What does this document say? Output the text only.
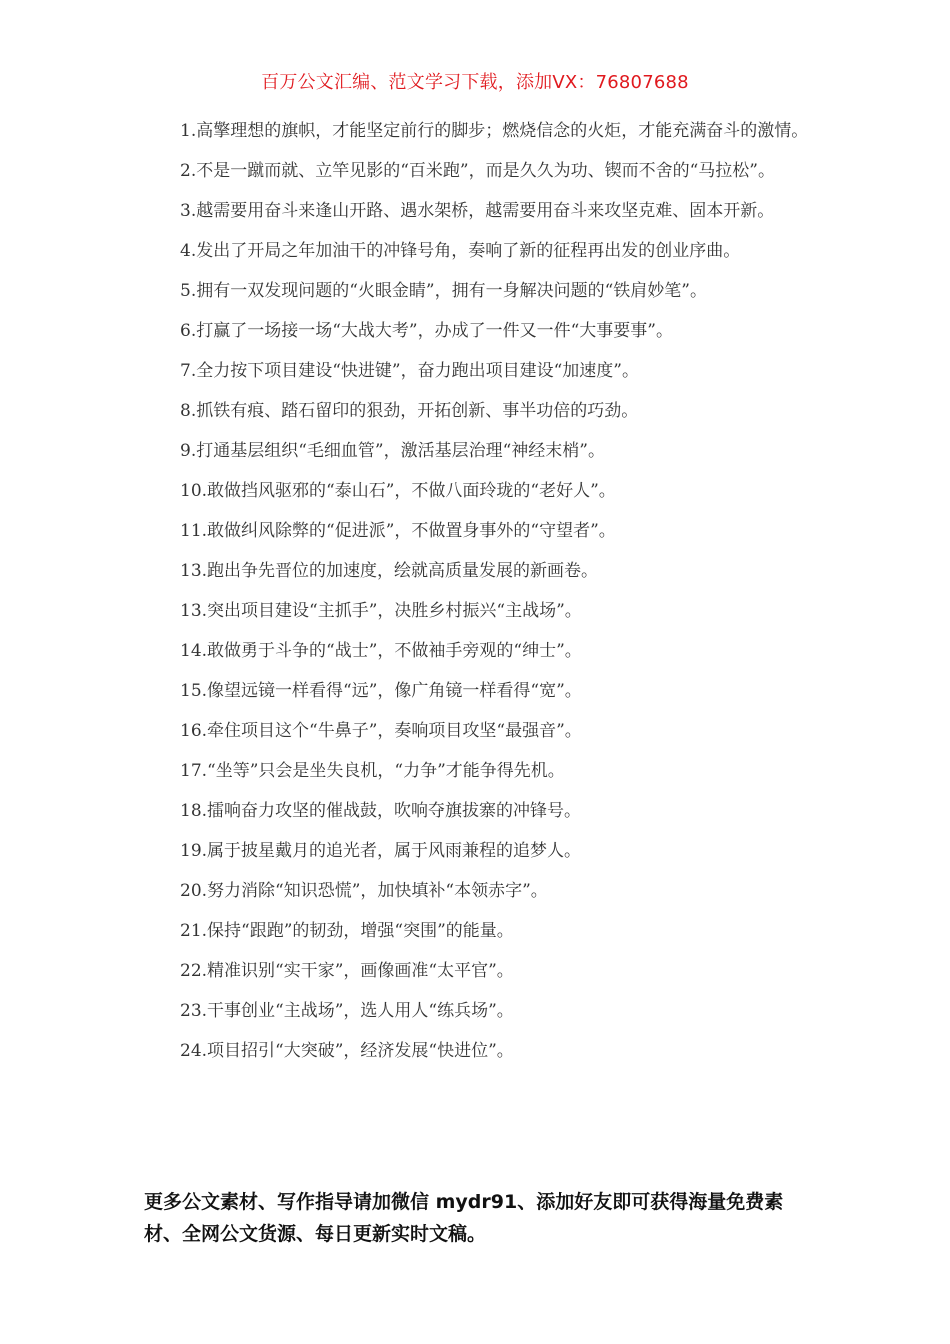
百万公文汇编、范文学习下载，添加VX：76807688
1.高擎理想的旗帜，才能坚定前行的脚步；燃烧信念的火炬，才能充满奋斗的激情。
2.不是一蹴而就、立竿见影的“百米跑”，而是久久为功、锲而不舍的“马拉松”。
3.越需要用奋斗来逢山开路、遇水架桥，越需要用奋斗来攻坚克难、固本开新。
4.发出了开局之年加油干的冲锋号角，奏响了新的征程再出发的创业序曲。
5.拥有一双发现问题的“火眼金睛”，拥有一身解决问题的“铁肩妙笔”。
6.打赢了一场接一场“大战大考”，办成了一件又一件“大事要事”。
7.全力按下项目建设“快进键”，奋力跑出项目建设“加速度”。
8.抓铁有痕、踏石留印的狠劲，开拓创新、事半功倍的巧劲。
9.打通基层组织“毛细血管”，激活基层治理“神经末梢”。
10.敢做挡风驱邪的“泰山石”，不做八面玲珑的“老好人”。
11.敢做纠风除弊的“促进派”，不做置身事外的“守望者”。
13.跑出争先晋位的加速度，绘就高质量发展的新画卷。
13.突出项目建设“主抓手”，决胜乡村振兴“主战场”。
14.敢做勇于斗争的“战士”，不做袖手旁观的“绅士”。
15.像望远镜一样看得“远”，像广角镜一样看得“宽”。
16.牵住项目这个“牛鼻子”，奏响项目攻坚“最强音”。
17.“坐等”只会是坐失良机，“力争”才能争得先机。
18.擂响奋力攻坚的催战鼓，吹响夺旗拔寨的冲锋号。
19.属于披星戴月的追光者，属于风雨兼程的追梦人。
20.努力消除“知识恐慌”，加快填补“本领赤字”。
21.保持“跟跑”的韧劲，增强“突围”的能量。
22.精准识别“实干家”，画像画准“太平官”。
23.干事创业“主战场”，选人用人“练兵场”。
24.项目招引“大突破”，经济发展“快进位”。

更多公文素材、写作指导请加微信 mydr91、添加好友即可获得海量免费素材、全网公文货源、每日更新实时文稿。
